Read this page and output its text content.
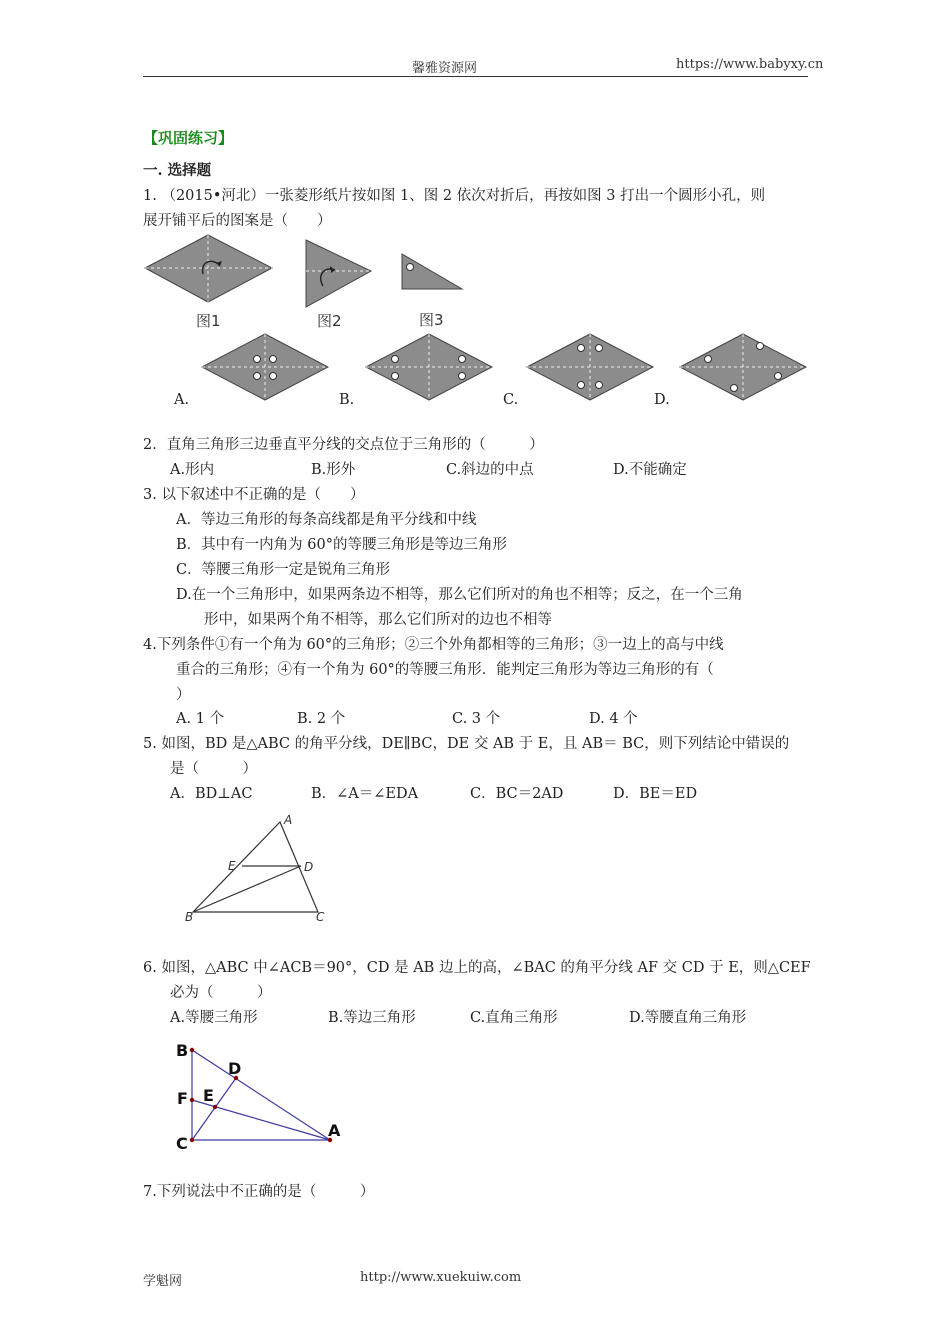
馨雅资源网	https://www.babyxy.cn
【巩固练习】
一. 选择题
1. （2015•河北）一张菱形纸片按如图 1、图 2 依次对折后，再按如图 3 打出一个圆形小孔，则
展开铺平后的图案是（　　）
图1	图2	图3
A.	B.	C.	D.
2．直角三角形三边垂直平分线的交点位于三角形的（　　　）
A.形内	B.形外	C.斜边的中点	D.不能确定
3. 以下叙述中不正确的是（　　）
A．等边三角形的每条高线都是角平分线和中线
B．其中有一内角为 60°的等腰三角形是等边三角形
C．等腰三角形一定是锐角三角形
D.在一个三角形中，如果两条边不相等，那么它们所对的角也不相等；反之，在一个三角
形中，如果两个角不相等，那么它们所对的边也不相等
4.下列条件①有一个角为 60°的三角形；②三个外角都相等的三角形；③一边上的高与中线
重合的三角形；④有一个角为 60°的等腰三角形．能判定三角形为等边三角形的有（
）
A. 1 个	B. 2 个	C. 3 个	D. 4 个
5. 如图，BD 是△ABC 的角平分线，DE∥BC，DE 交 AB 于 E，且 AB＝ BC，则下列结论中错误的
是（　　　）
A．BD⊥AC	B．∠A＝∠EDA	C．BC＝2AD	D．BE＝ED
A
E	D
B	C
6. 如图，△ABC 中∠ACB＝90°，CD 是 AB 边上的高，∠BAC 的角平分线 AF 交 CD 于 E，则△CEF
必为（　　　）
A.等腰三角形	B.等边三角形	C.直角三角形	D.等腰直角三角形
B
D
F E
C
A
7.下列说法中不正确的是（　　　）
学魁网	http://www.xuekuiw.com
